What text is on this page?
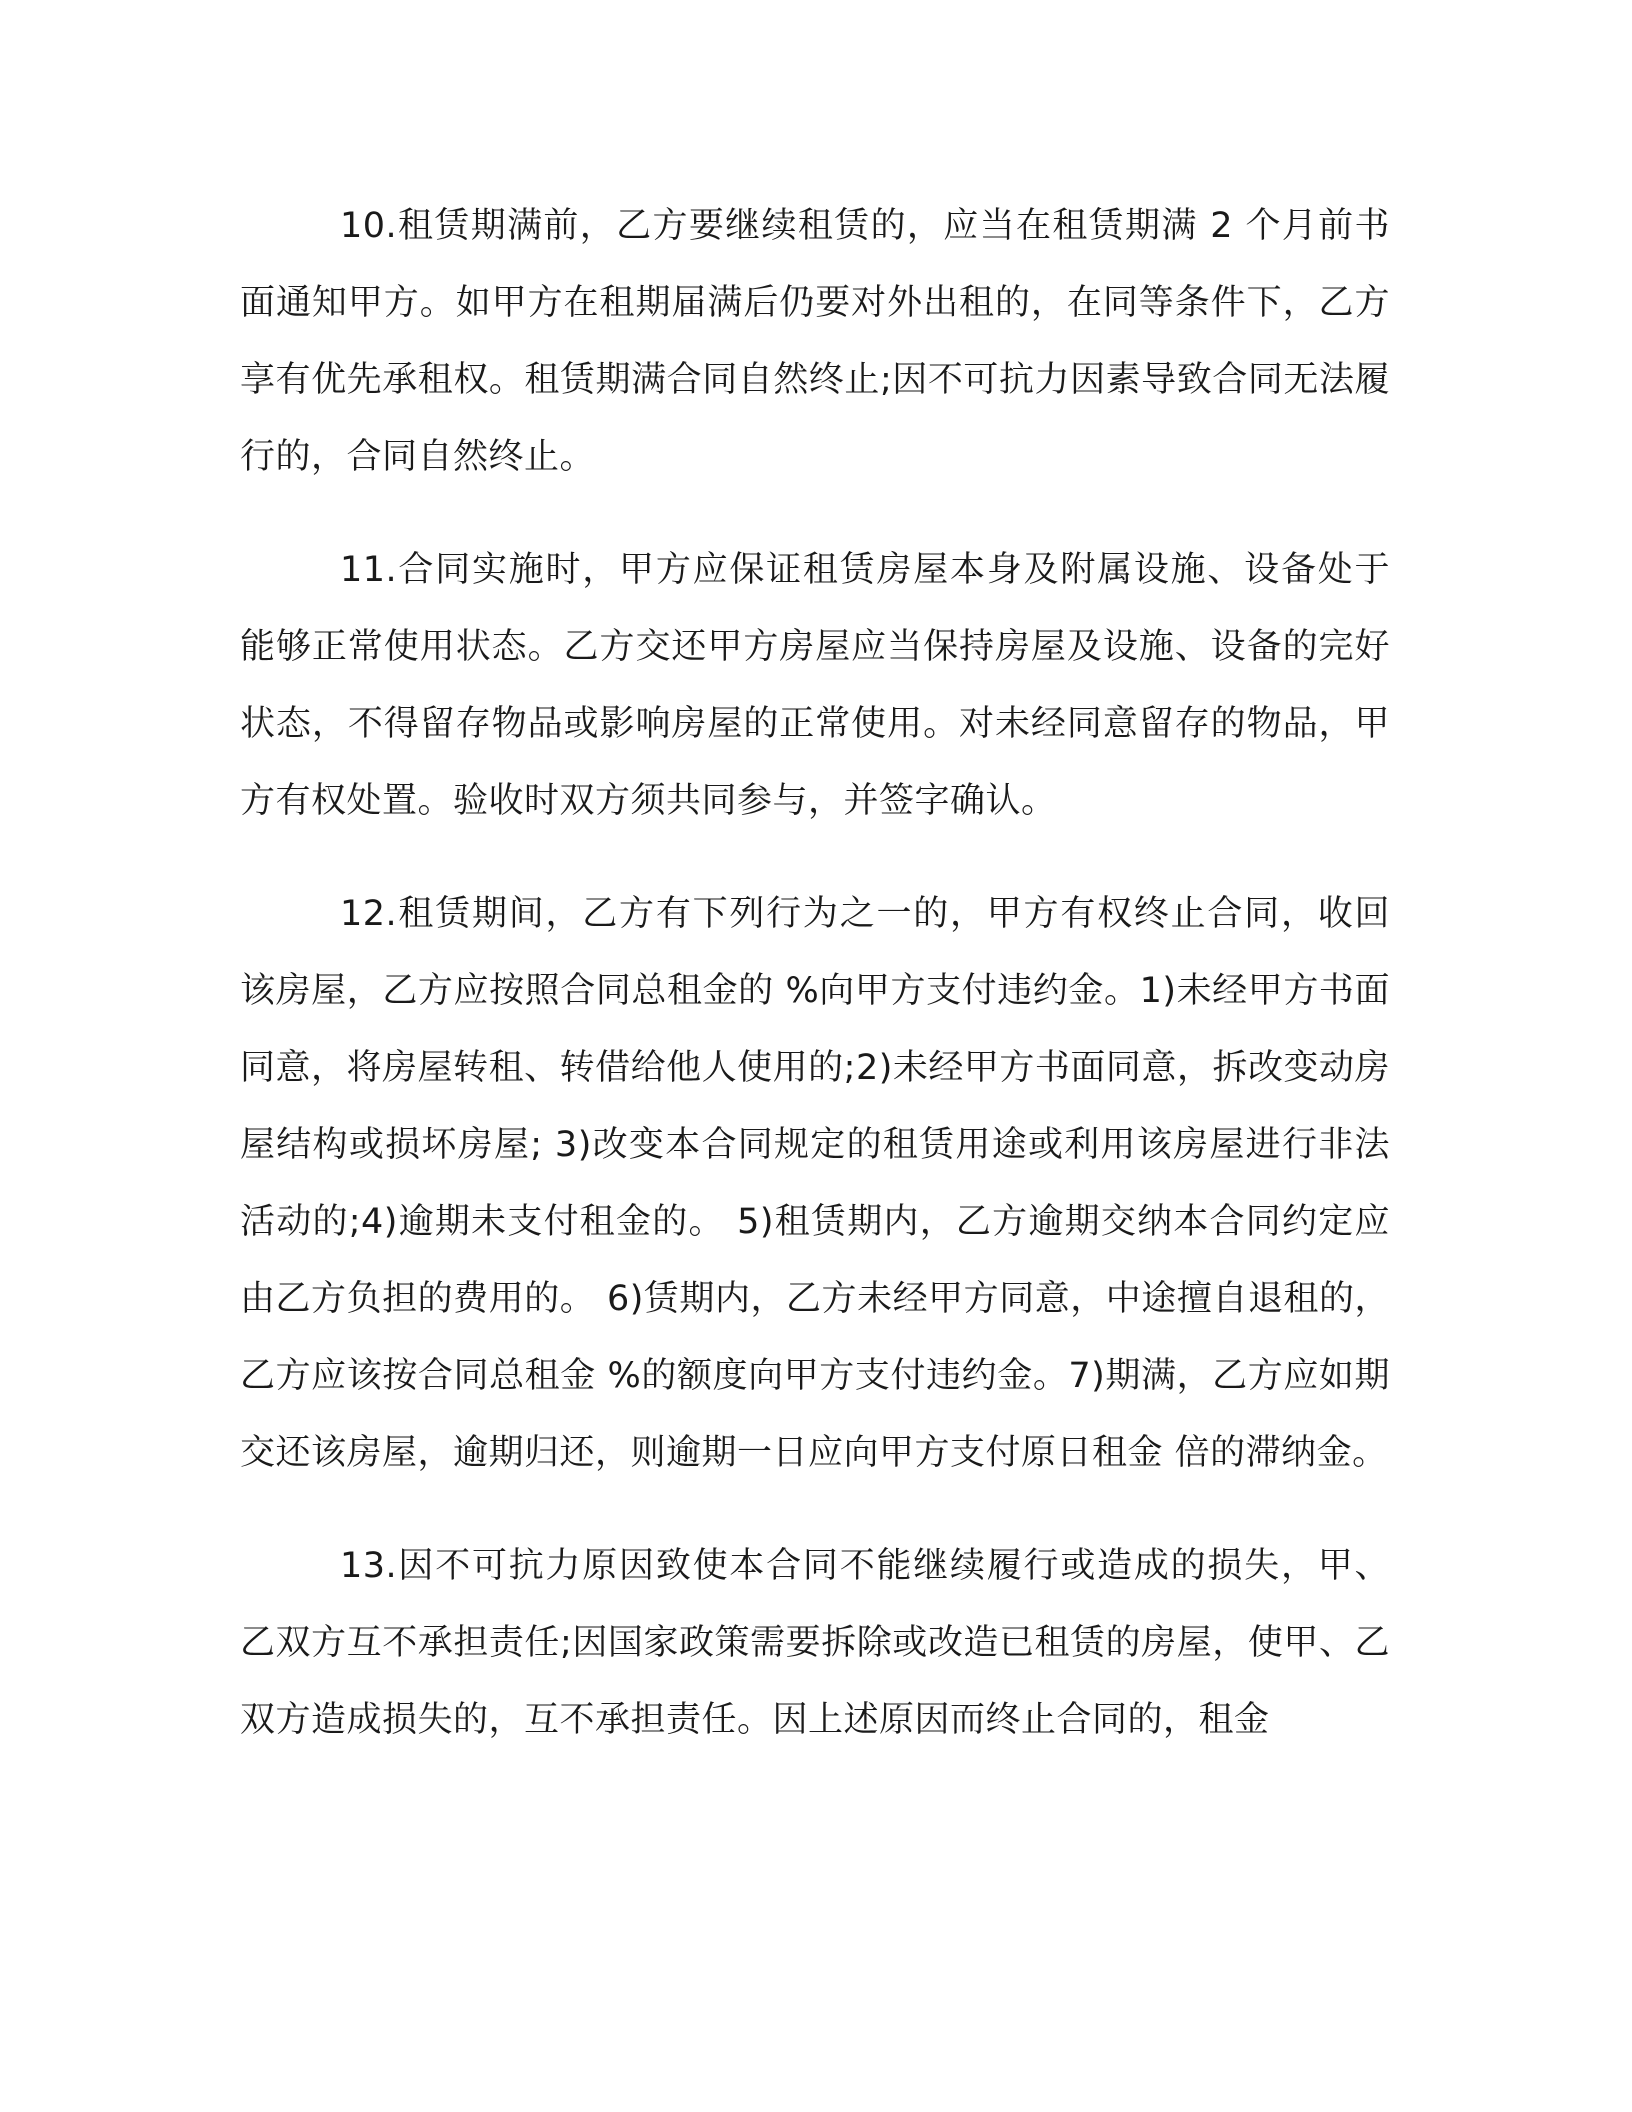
10.租赁期满前，乙方要继续租赁的，应当在租赁期满 2 个月前书面通知甲方。如甲方在租期届满后仍要对外出租的，在同等条件下，乙方享有优先承租权。租赁期满合同自然终止;因不可抗力因素导致合同无法履行的，合同自然终止。

11.合同实施时，甲方应保证租赁房屋本身及附属设施、设备处于能够正常使用状态。乙方交还甲方房屋应当保持房屋及设施、设备的完好状态，不得留存物品或影响房屋的正常使用。对未经同意留存的物品，甲方有权处置。验收时双方须共同参与，并签字确认。

12.租赁期间，乙方有下列行为之一的，甲方有权终止合同，收回该房屋，乙方应按照合同总租金的 %向甲方支付违约金。1)未经甲方书面同意，将房屋转租、转借给他人使用的;2)未经甲方书面同意，拆改变动房屋结构或损坏房屋; 3)改变本合同规定的租赁用途或利用该房屋进行非法活动的;4)逾期未支付租金的。 5)租赁期内，乙方逾期交纳本合同约定应由乙方负担的费用的。 6)赁期内，乙方未经甲方同意，中途擅自退租的，乙方应该按合同总租金 %的额度向甲方支付违约金。7)期满，乙方应如期交还该房屋，逾期归还，则逾期一日应向甲方支付原日租金 倍的滞纳金。

13.因不可抗力原因致使本合同不能继续履行或造成的损失，甲、乙双方互不承担责任;因国家政策需要拆除或改造已租赁的房屋，使甲、乙双方造成损失的，互不承担责任。因上述原因而终止合同的，租金
